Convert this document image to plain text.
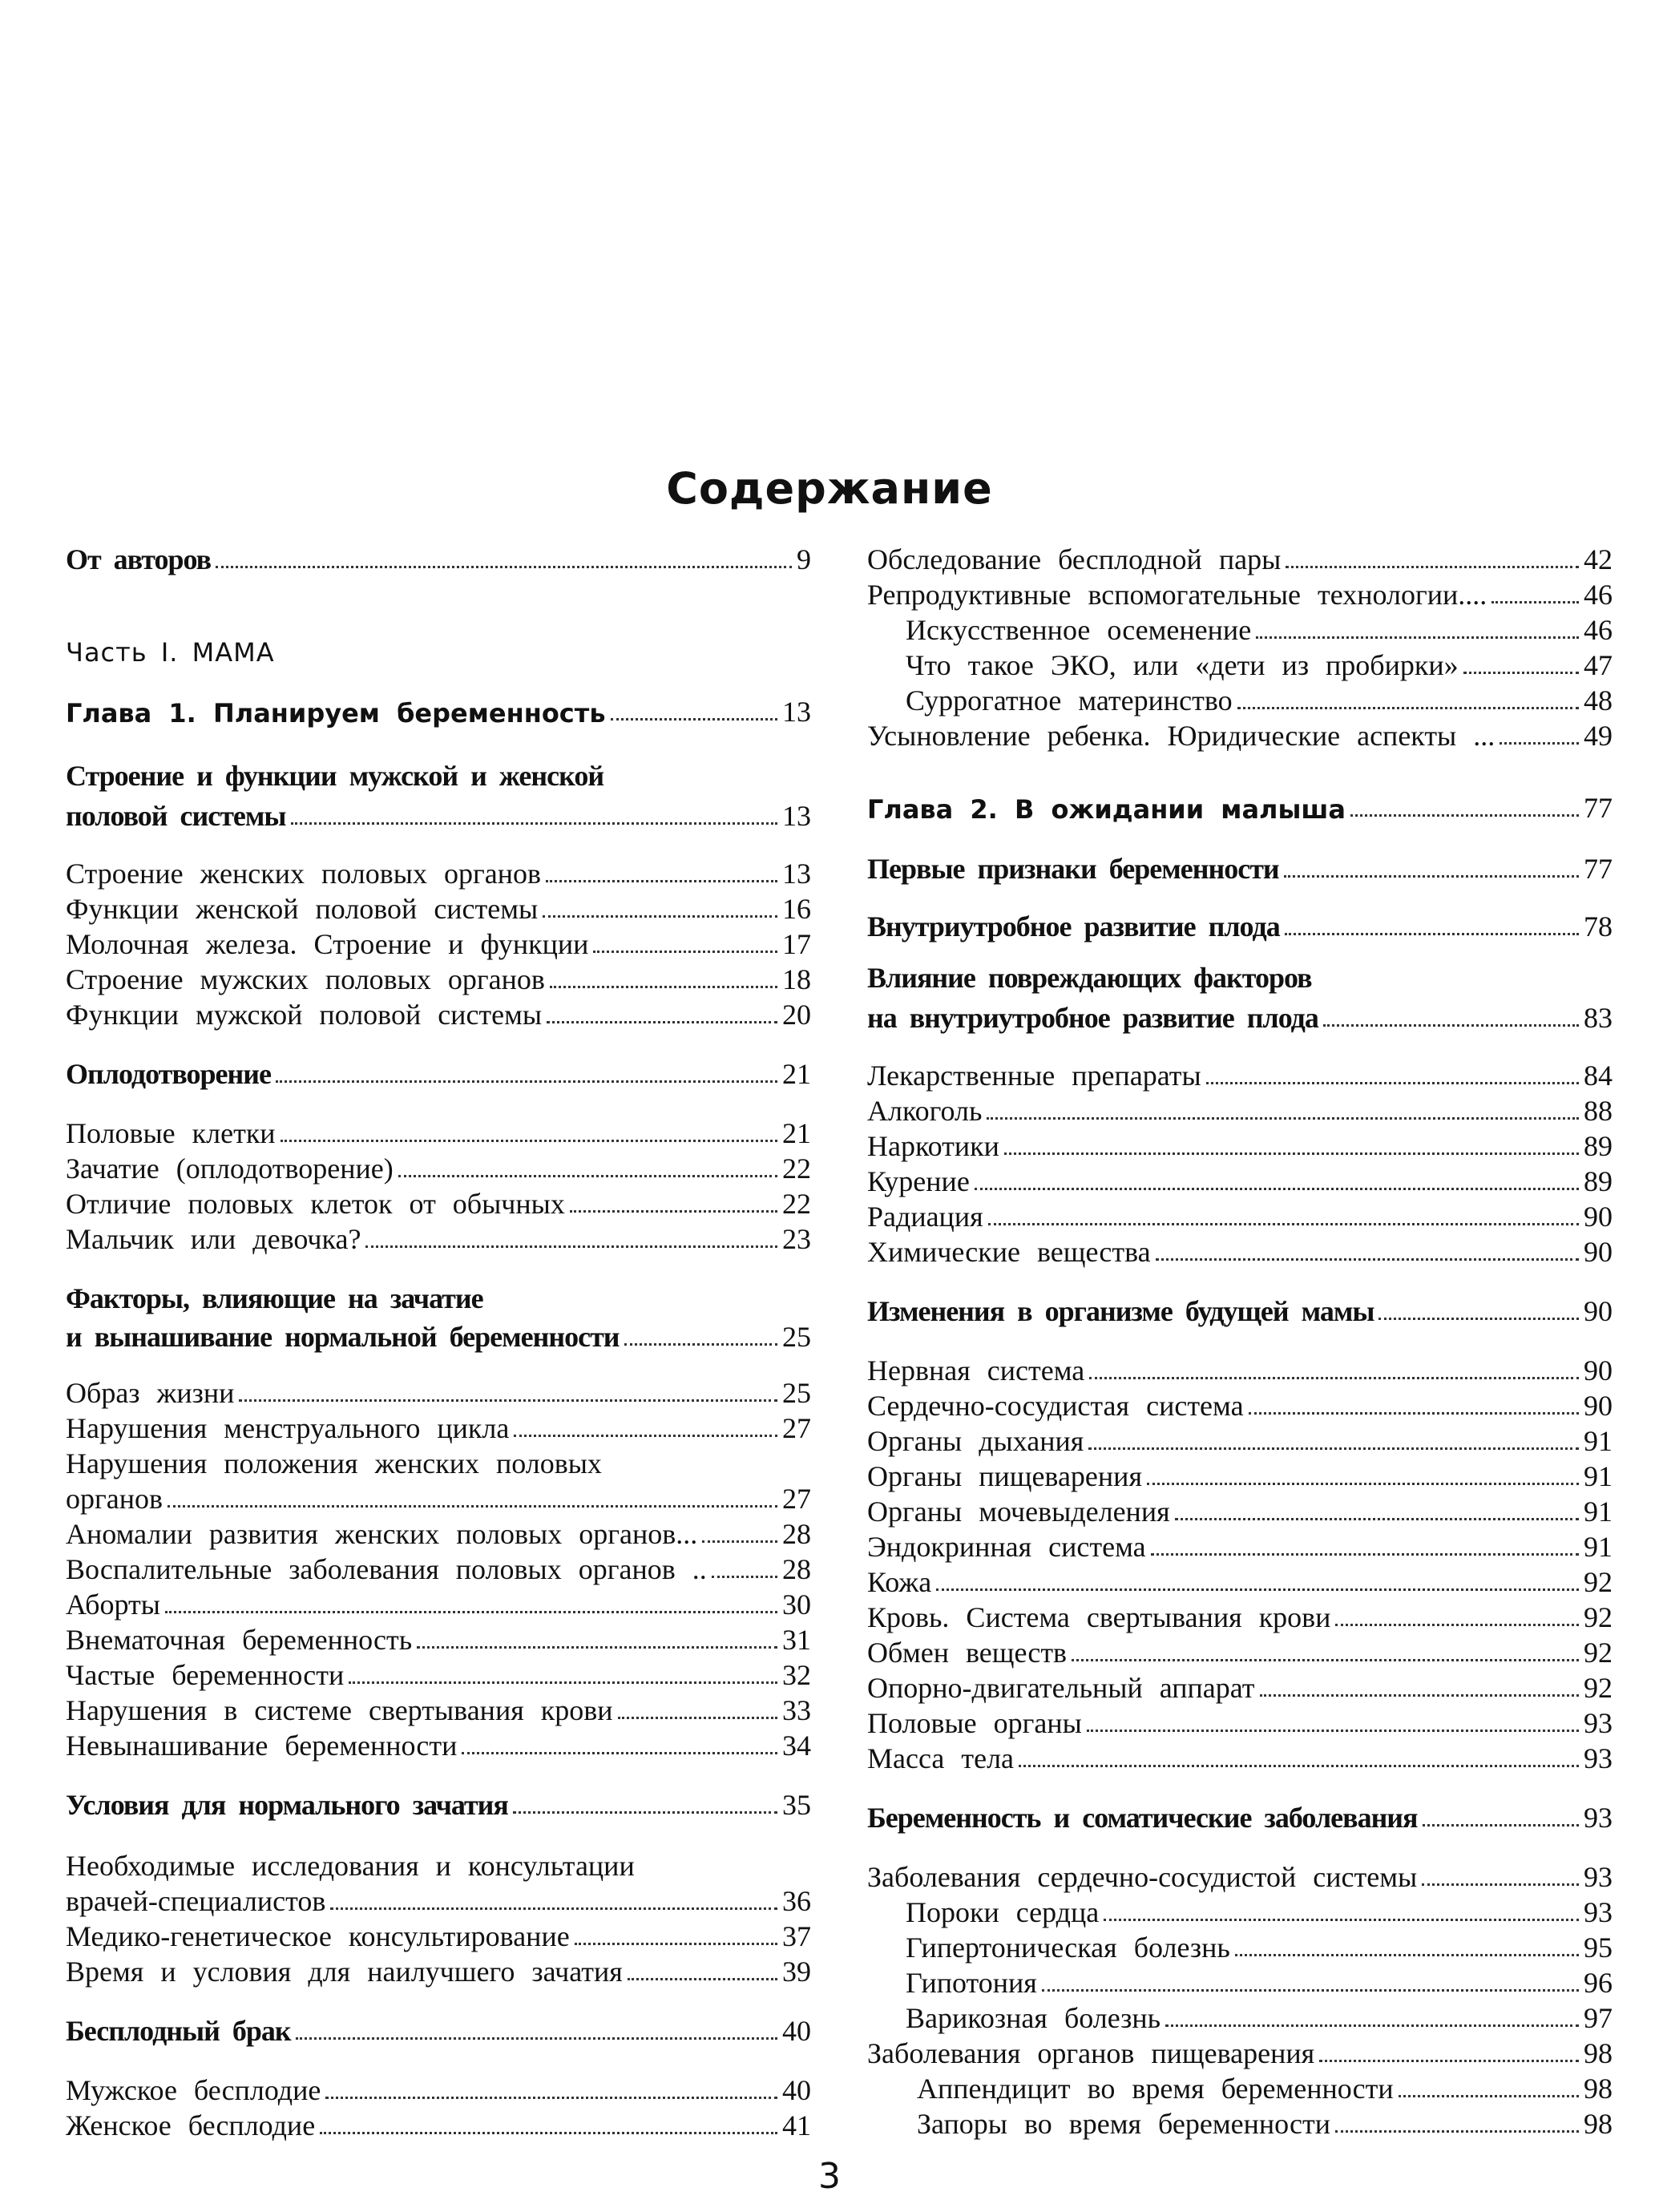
Содержание
От авторов	9
Часть I. МАМА
Глава 1. Планируем беременность	13
Строение и функции мужской и женской
половой системы	13
Строение женских половых органов	13
Функции женской половой системы	16
Молочная железа. Строение и функции	17
Строение мужских половых органов	18
Функции мужской половой системы	20
Оплодотворение	21
Половые клетки	21
Зачатие (оплодотворение)	22
Отличие половых клеток от обычных	22
Мальчик или девочка?	23
Факторы, влияющие на зачатие
и вынашивание нормальной беременности	25
Образ жизни	25
Нарушения менструального цикла	27
Нарушения положения женских половых
органов	27
Аномалии развития женских половых органов...	28
Воспалительные заболевания половых органов ..	28
Аборты	30
Внематочная беременность	31
Частые беременности	32
Нарушения в системе свертывания крови	33
Невынашивание беременности	34
Условия для нормального зачатия	35
Необходимые исследования и консультации
врачей-специалистов	36
Медико-генетическое консультирование	37
Время и условия для наилучшего зачатия	39
Бесплодный брак	40
Мужское бесплодие	40
Женское бесплодие	41
Обследование бесплодной пары	42
Репродуктивные вспомогательные технологии....	46
Искусственное осеменение	46
Что такое ЭКО, или «дети из пробирки»	47
Суррогатное материнство	48
Усыновление ребенка. Юридические аспекты ...	49
Глава 2. В ожидании малыша	77
Первые признаки беременности	77
Внутриутробное развитие плода	78
Влияние повреждающих факторов
на внутриутробное развитие плода	83
Лекарственные препараты	84
Алкоголь	88
Наркотики	89
Курение	89
Радиация	90
Химические вещества	90
Изменения в организме будущей мамы	90
Нервная система	90
Сердечно-сосудистая система	90
Органы дыхания	91
Органы пищеварения	91
Органы мочевыделения	91
Эндокринная система	91
Кожа	92
Кровь. Система свертывания крови	92
Обмен веществ	92
Опорно-двигательный аппарат	92
Половые органы	93
Масса тела	93
Беременность и соматические заболевания	93
Заболевания сердечно-сосудистой системы	93
Пороки сердца	93
Гипертоническая болезнь	95
Гипотония	96
Варикозная болезнь	97
Заболевания органов пищеварения	98
Аппендицит во время беременности	98
Запоры во время беременности	98
3
